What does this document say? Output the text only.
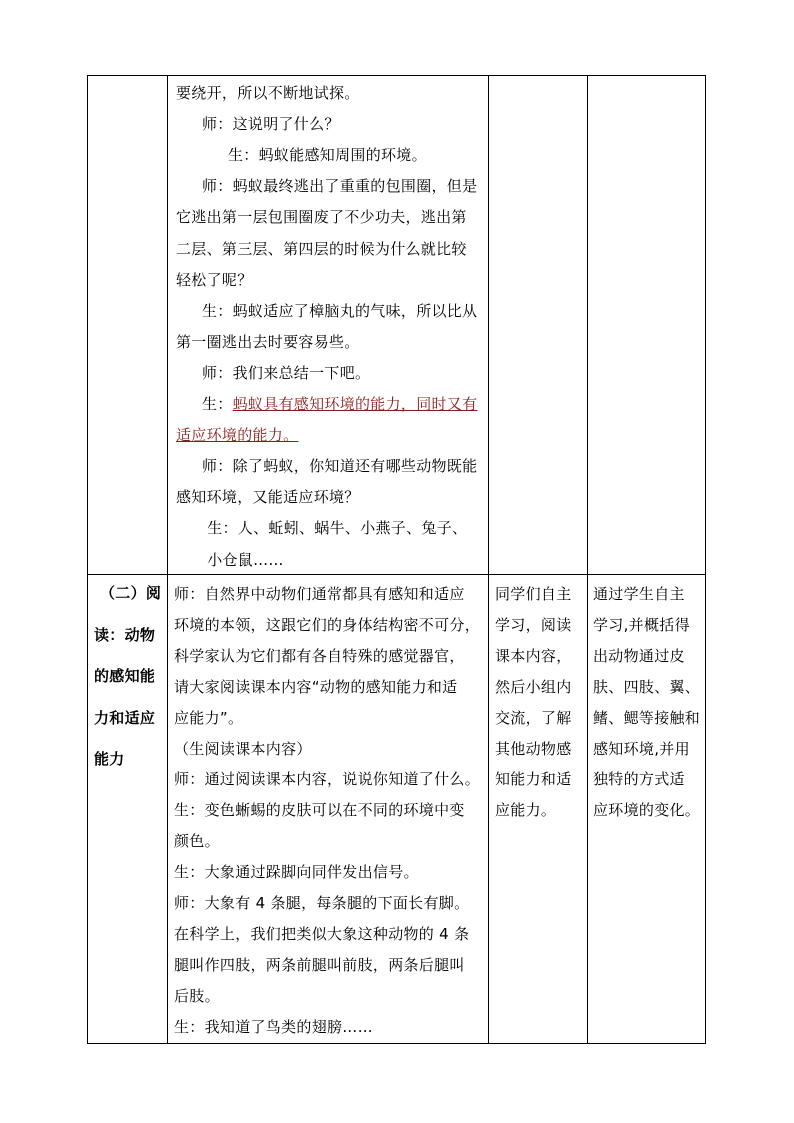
要绕开，所以不断地试探。
师：这说明了什么？
生：蚂蚁能感知周围的环境。
师：蚂蚁最终逃出了重重的包围圈，但是
它逃出第一层包围圈废了不少功夫，逃出第
二层、第三层、第四层的时候为什么就比较
轻松了呢？
生：蚂蚁适应了樟脑丸的气味，所以比从
第一圈逃出去时要容易些。
师：我们来总结一下吧。
生：蚂蚁具有感知环境的能力，同时又有
适应环境的能力。
师：除了蚂蚁，你知道还有哪些动物既能
感知环境，又能适应环境？
生：人、蚯蚓、蜗牛、小燕子、兔子、
小仓鼠……
（二）阅
读：动物
的感知能
力和适应
能力
师：自然界中动物们通常都具有感知和适应
环境的本领，这跟它们的身体结构密不可分，
科学家认为它们都有各自特殊的感觉器官，
请大家阅读课本内容“动物的感知能力和适
应能力”。
（生阅读课本内容）
师：通过阅读课本内容，说说你知道了什么。
生：变色蜥蜴的皮肤可以在不同的环境中变
颜色。
生：大象通过跺脚向同伴发出信号。
师：大象有 4 条腿，每条腿的下面长有脚。
在科学上，我们把类似大象这种动物的 4 条
腿叫作四肢，两条前腿叫前肢，两条后腿叫
后肢。
生：我知道了鸟类的翅膀……
同学们自主
学习，阅读
课本内容，
然后小组内
交流，了解
其他动物感
知能力和适
应能力。
通过学生自主
学习,并概括得
出动物通过皮
肤、四肢、翼、
鳍、鳃等接触和
感知环境,并用
独特的方式适
应环境的变化。
